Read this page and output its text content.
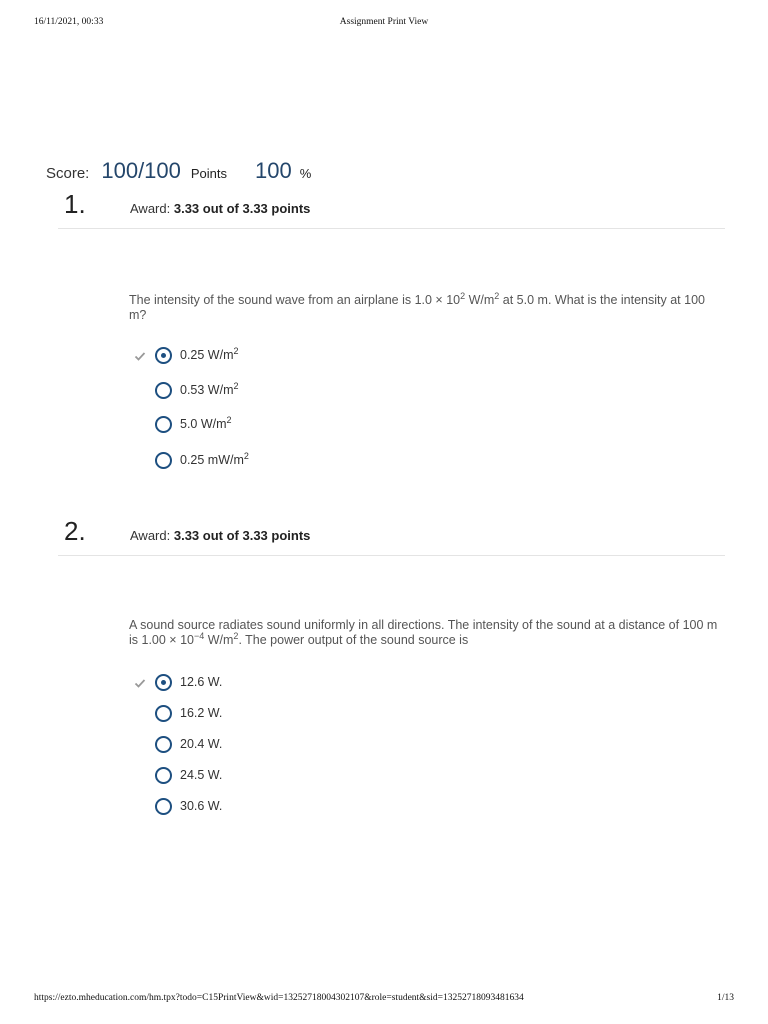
16/11/2021, 00:33	Assignment Print View
Score: 100/100 Points 100 %
1.	Award: 3.33 out of 3.33 points
The intensity of the sound wave from an airplane is $1.0 \times 10^2$ $W/m^2$ at 5.0 m. What is the intensity at 100 m?
0.25 $W/m^2$
0.53 $W/m^2$
5.0 $W/m^2$
0.25 $mW/m^2$
2.	Award: 3.33 out of 3.33 points
A sound source radiates sound uniformly in all directions. The intensity of the sound at a distance of 100 m is $1.00 \times 10^{-4}$ $W/m^2$. The power output of the sound source is
12.6 W.
16.2 W.
20.4 W.
24.5 W.
30.6 W.
https://ezto.mheducation.com/hm.tpx?todo=C15PrintView&wid=13252718004302107&role=student&sid=13252718093481634	1/13
